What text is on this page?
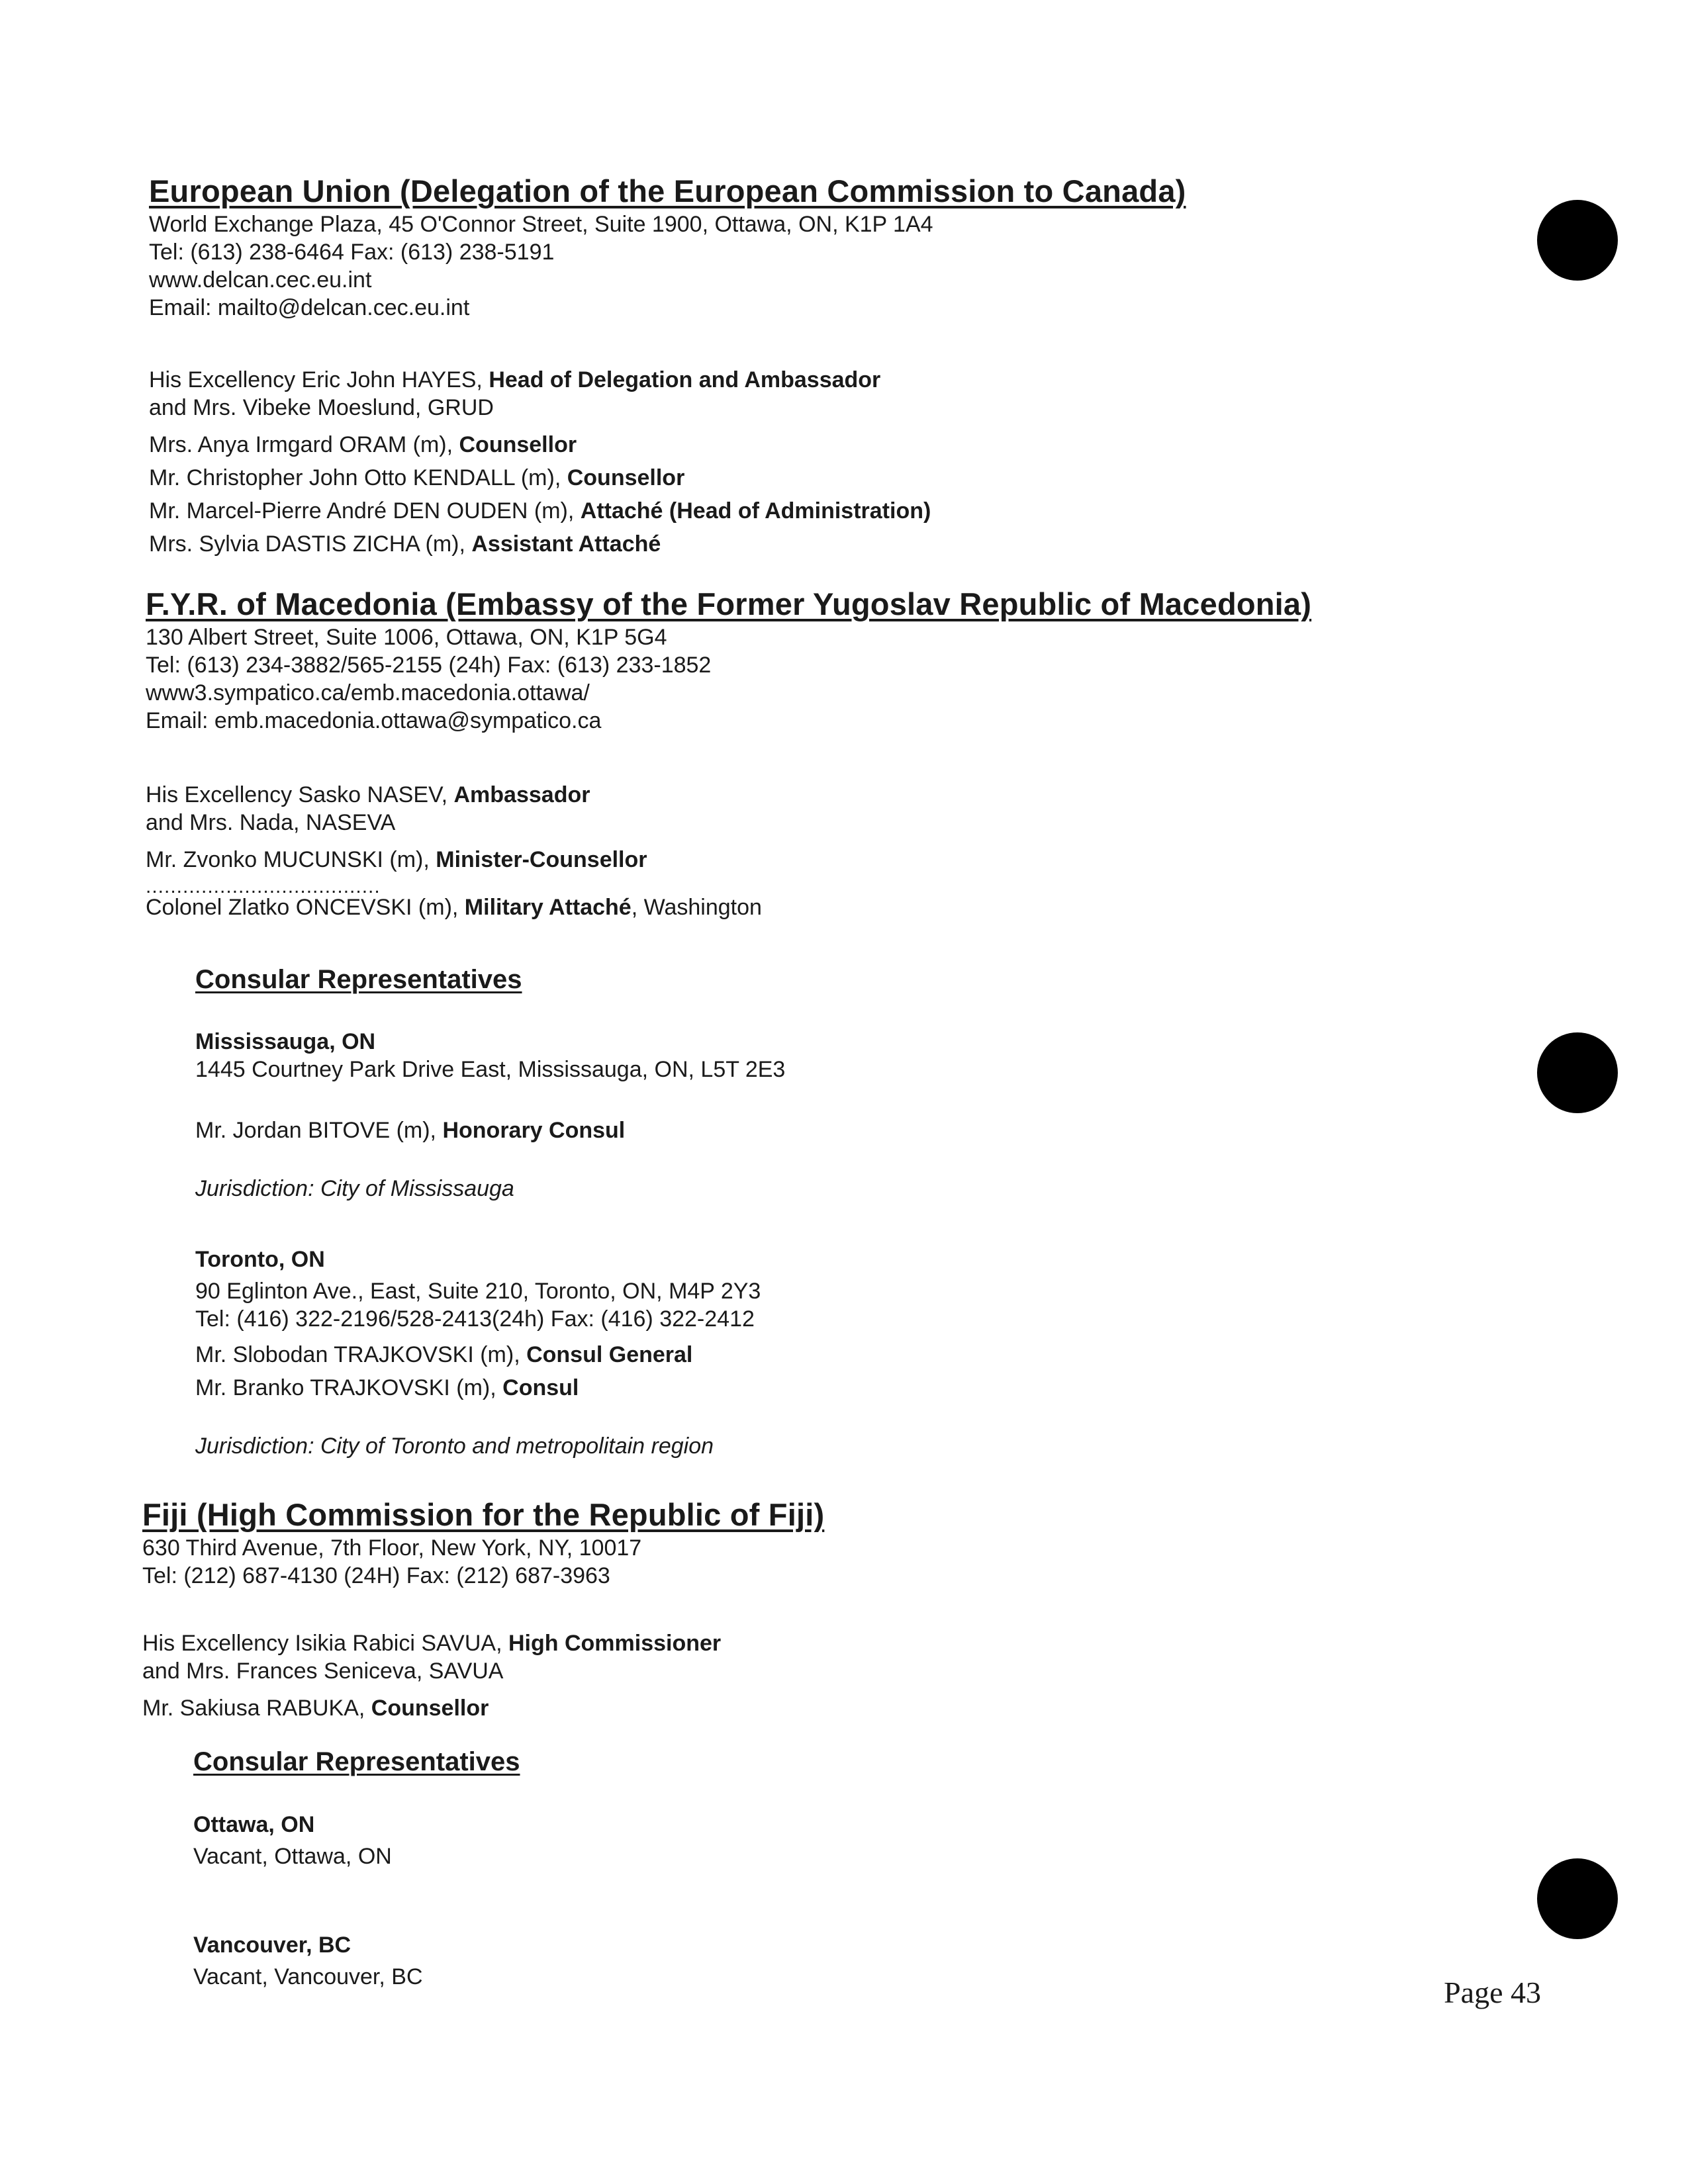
European Union (Delegation of the European Commission to Canada)

World Exchange Plaza, 45 O'Connor Street, Suite 1900, Ottawa, ON, K1P 1A4

Tel: (613) 238-6464 Fax: (613) 238-5191

www.delcan.cec.eu.int

Email: mailto@delcan.cec.eu.int

His Excellency Eric John HAYES, Head of Delegation and Ambassador

and Mrs. Vibeke Moeslund, GRUD

Mrs. Anya Irmgard ORAM (m), Counsellor

Mr. Christopher John Otto KENDALL (m), Counsellor

Mr. Marcel-Pierre André DEN OUDEN (m), Attaché (Head of Administration)

Mrs. Sylvia DASTIS ZICHA (m), Assistant Attaché

F.Y.R. of Macedonia (Embassy of the Former Yugoslav Republic of Macedonia)

130 Albert Street, Suite 1006, Ottawa, ON, K1P 5G4

Tel: (613) 234-3882/565-2155 (24h) Fax: (613) 233-1852

www3.sympatico.ca/emb.macedonia.ottawa/

Email: emb.macedonia.ottawa@sympatico.ca

His Excellency Sasko NASEV, Ambassador

and Mrs. Nada, NASEVA

Mr. Zvonko MUCUNSKI (m), Minister-Counsellor

......................................

Colonel Zlatko ONCEVSKI (m), Military Attaché, Washington

Consular Representatives

Mississauga, ON

1445 Courtney Park Drive East, Mississauga, ON, L5T 2E3

Mr. Jordan BITOVE (m), Honorary Consul

Jurisdiction: City of Mississauga

Toronto, ON

90 Eglinton Ave., East, Suite 210, Toronto, ON, M4P 2Y3

Tel: (416) 322-2196/528-2413(24h) Fax: (416) 322-2412

Mr. Slobodan TRAJKOVSKI (m), Consul General

Mr. Branko TRAJKOVSKI (m), Consul

Jurisdiction: City of Toronto and metropolitain region

Fiji (High Commission for the Republic of Fiji)

630 Third Avenue, 7th Floor, New York, NY, 10017

Tel: (212) 687-4130 (24H) Fax: (212) 687-3963

His Excellency Isikia Rabici SAVUA, High Commissioner

and Mrs. Frances Seniceva, SAVUA

Mr. Sakiusa RABUKA, Counsellor

Consular Representatives

Ottawa, ON

Vacant, Ottawa, ON

Vancouver, BC

Vacant, Vancouver, BC	Page 43
